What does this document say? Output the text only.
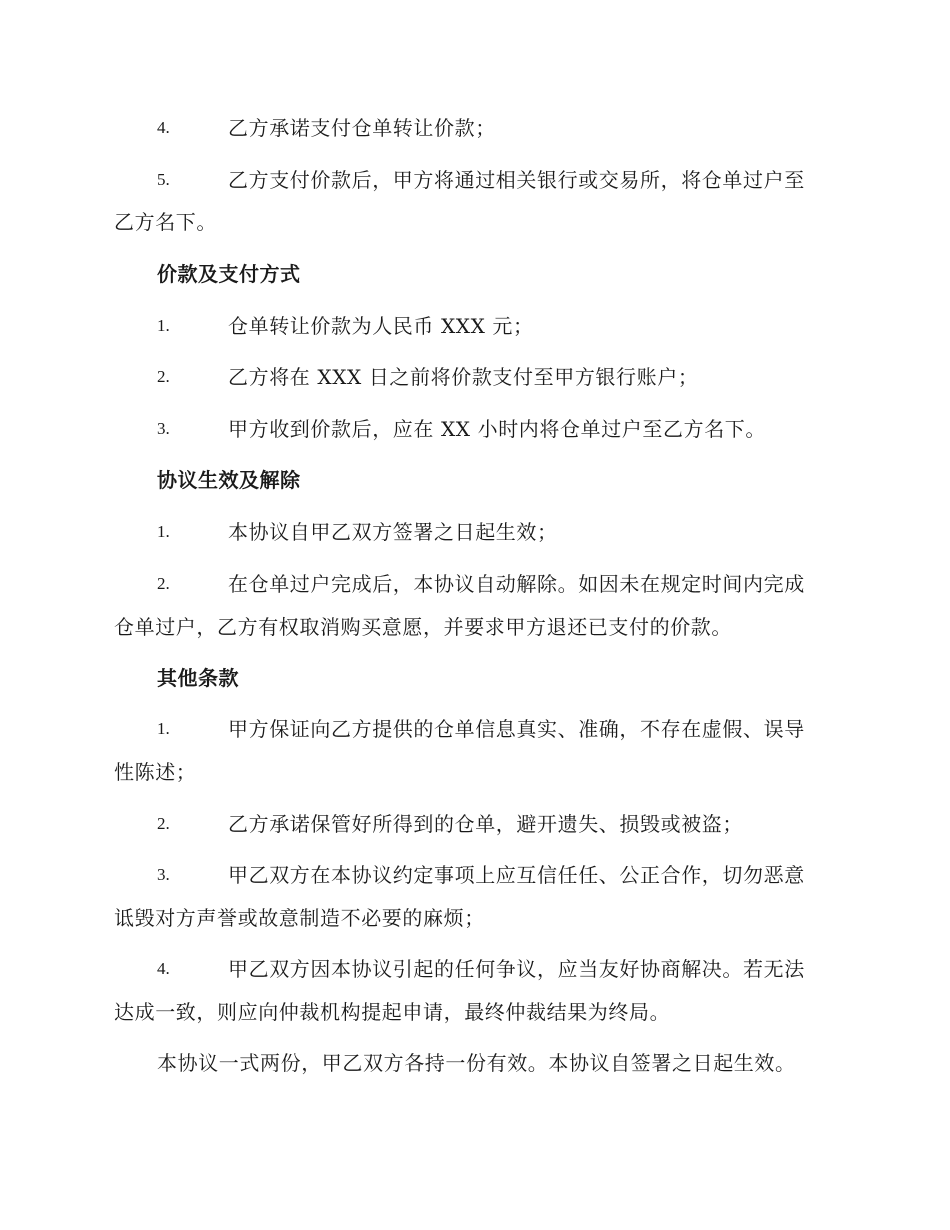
4.	乙方承诺支付仓单转让价款；
5.	乙方支付价款后，甲方将通过相关银行或交易所，将仓单过户至
乙方名下。
价款及支付方式
1.	仓单转让价款为人民币 XXX 元；
2.	乙方将在 XXX 日之前将价款支付至甲方银行账户；
3.	甲方收到价款后，应在 XX 小时内将仓单过户至乙方名下。
协议生效及解除
1.	本协议自甲乙双方签署之日起生效；
2.	在仓单过户完成后，本协议自动解除。如因未在规定时间内完成
仓单过户，乙方有权取消购买意愿，并要求甲方退还已支付的价款。
其他条款
1.	甲方保证向乙方提供的仓单信息真实、准确，不存在虚假、误导
性陈述；
2.	乙方承诺保管好所得到的仓单，避开遗失、损毁或被盗；
3.	甲乙双方在本协议约定事项上应互信任任、公正合作，切勿恶意
诋毁对方声誉或故意制造不必要的麻烦；
4.	甲乙双方因本协议引起的任何争议，应当友好协商解决。若无法
达成一致，则应向仲裁机构提起申请，最终仲裁结果为终局。
本协议一式两份，甲乙双方各持一份有效。本协议自签署之日起生效。
